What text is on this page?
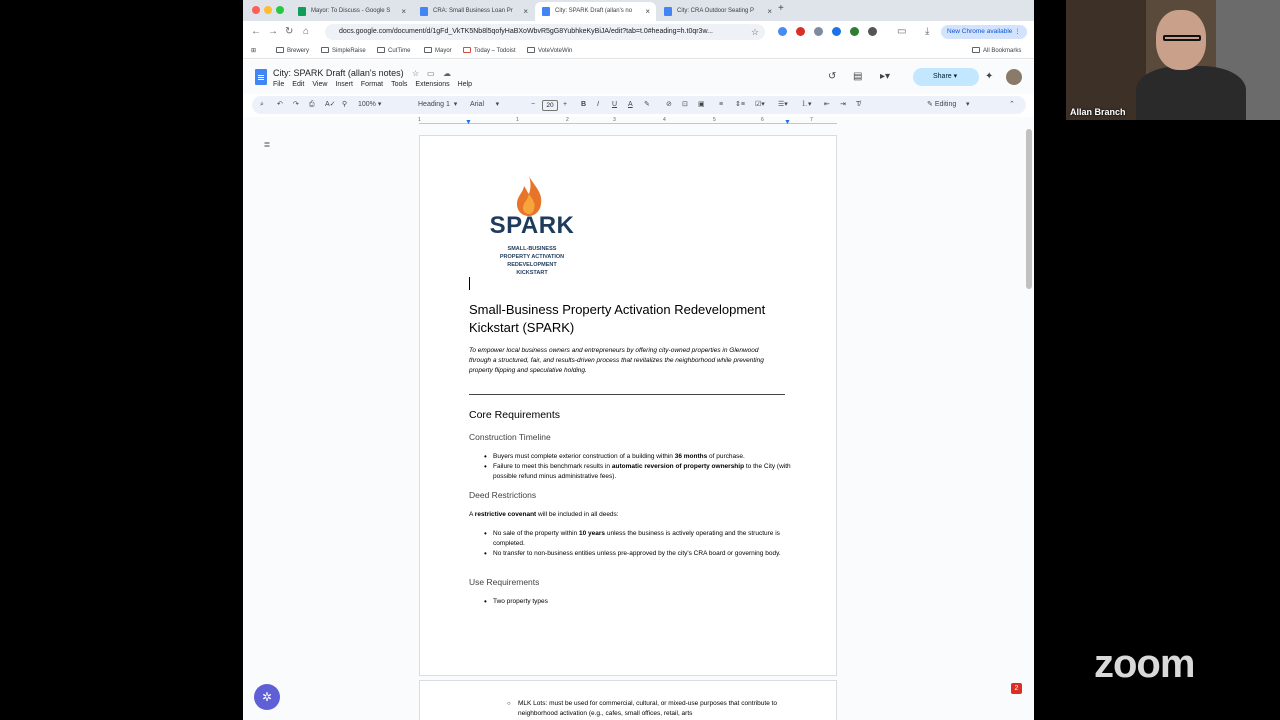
Mayor: To Discuss - Google S ×	CRA: Small Business Loan Pr ×	City: SPARK Draft (allan's no ×	City: CRA Outdoor Seating P × +
← → ↻ ⌂	docs.google.com/document/d/1gFd_VkTK5Nb8l5qofyHaBXoWbvR5gG8YubhkeKyBiJA/edit?tab=t.0#heading=h.t0qr3w...	☆	▭ ⤓	New Chrome available ⋮
⊞	Brewery	SimpleRaise	CutTime	Mayor	Today – Todoist	VoteVoteWin	All Bookmarks
City: SPARK Draft (allan's notes) ☆ ▭ ☁
File Edit View Insert Format Tools Extensions Help
↺ ▤ ▸▾	Share ▾	✦
⌕ ↶ ↷ ⎙ A✓ ⚲ 100% ▾	Heading 1  ▾ Arial      ▾	−	20	+ B I U A ✎ ⊘ ⊡ ▣ ≡ ⇕≡ ☑▾ ☰▾ ⒈▾ ⇤ ⇥ T̸	✎ Editing     ▾	⌃
1	1	2	3	4	5	6	7
▼	▼
≣
SPARK
SMALL-BUSINESS
PROPERTY ACTIVATION
REDEVELOPMENT
KICKSTART
Small-Business Property Activation Redevelopment Kickstart (SPARK)
To empower local business owners and entrepreneurs by offering city-owned properties in Glenwood through a structured, fair, and results-driven process that revitalizes the neighborhood while preventing property flipping and speculative holding.
Core Requirements
Construction Timeline
• Buyers must complete exterior construction of a building within 36 months of purchase.
• Failure to meet this benchmark results in automatic reversion of property ownership to the City (with possible refund minus administrative fees).
Deed Restrictions
A restrictive covenant will be included in all deeds:
• No sale of the property within 10 years unless the business is actively operating and the structure is completed.
• No transfer to non-business entities unless pre-approved by the city's CRA board or governing body.
Use Requirements
• Two property types
○ MLK Lots: must be used for commercial, cultural, or mixed-use purposes that contribute to neighborhood activation (e.g., cafes, small offices, retail, arts
✲
2
Allan Branch
zoom
